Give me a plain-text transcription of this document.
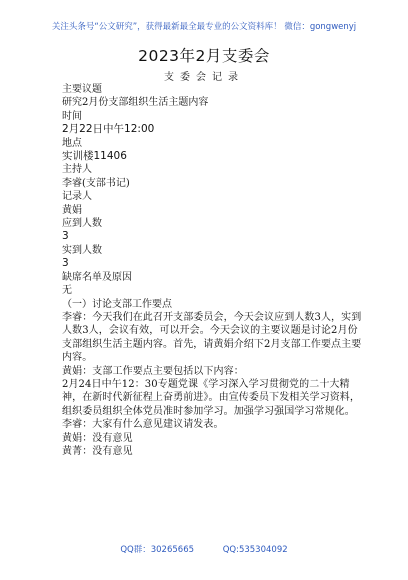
关注头条号“公文研究”，获得最新最全最专业的公文资料库！ 微信：gongwenyj
2023年2月支委会
支委会记录
主要议题
研究2月份支部组织生活主题内容
时间
2月22日中午12:00
地点
实训楼11406
主持人
李睿(支部书记)
记录人
黄娟
应到人数
3
实到人数
3
缺席名单及原因
无
（一）讨论支部工作要点
李睿：今天我们在此召开支部委员会，今天会议应到人数3人，实到人数3人，会议有效，可以开会。今天会议的主要议题是讨论2月份支部组织生活主题内容。首先，请黄娟介绍下2月支部工作要点主要内容。
黄娟：支部工作要点主要包括以下内容：
2月24日中午12：30专题党课《学习深入学习贯彻党的二十大精神，在新时代新征程上奋勇前进》。由宣传委员下发相关学习资料，组织委员组织全体党员准时参加学习。加强学习强国学习常规化。
李睿：大家有什么意见建议请发表。
黄娟：没有意见
黄菁：没有意见
QQ群：30265665	QQ:535304092
